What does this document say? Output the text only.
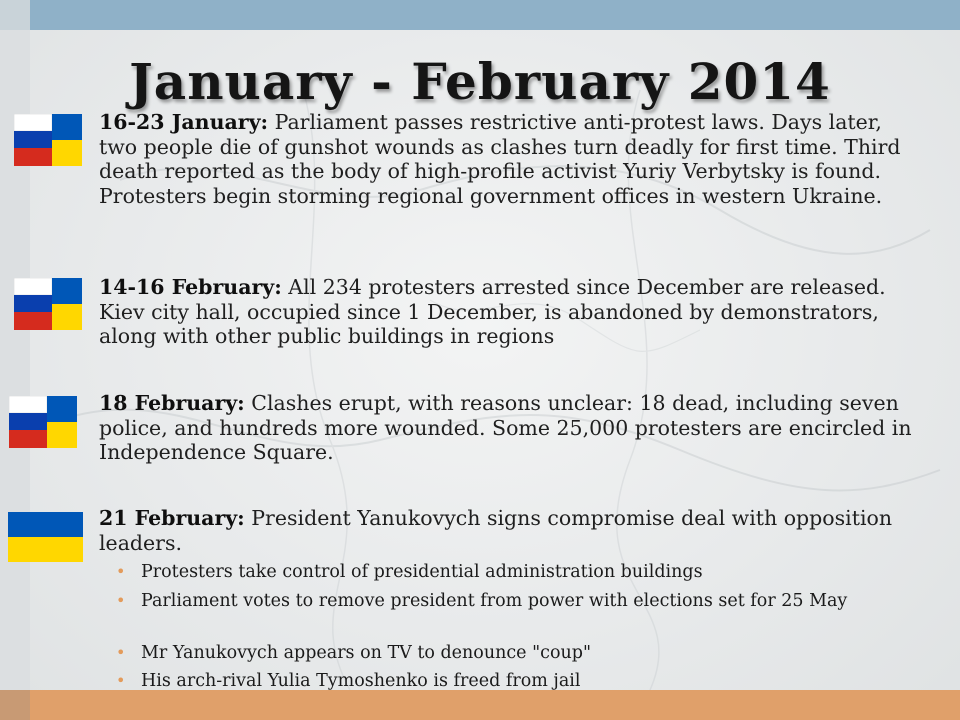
January - February 2014
16-23 January: Parliament passes restrictive anti-protest laws. Days later, two people die of gunshot wounds as clashes turn deadly for first time. Third death reported as the body of high-profile activist Yuriy Verbytsky is found. Protesters begin storming regional government offices in western Ukraine.
14-16 February: All 234 protesters arrested since December are released. Kiev city hall, occupied since 1 December, is abandoned by demonstrators, along with other public buildings in regions
18 February: Clashes erupt, with reasons unclear: 18 dead, including seven police, and hundreds more wounded. Some 25,000 protesters are encircled in Independence Square.
21 February: President Yanukovych signs compromise deal with opposition leaders.
• Protesters take control of presidential administration buildings
• Parliament votes to remove president from power with elections set for 25 May
• Mr Yanukovych appears on TV to denounce "coup"
• His arch-rival Yulia Tymoshenko is freed from jail
